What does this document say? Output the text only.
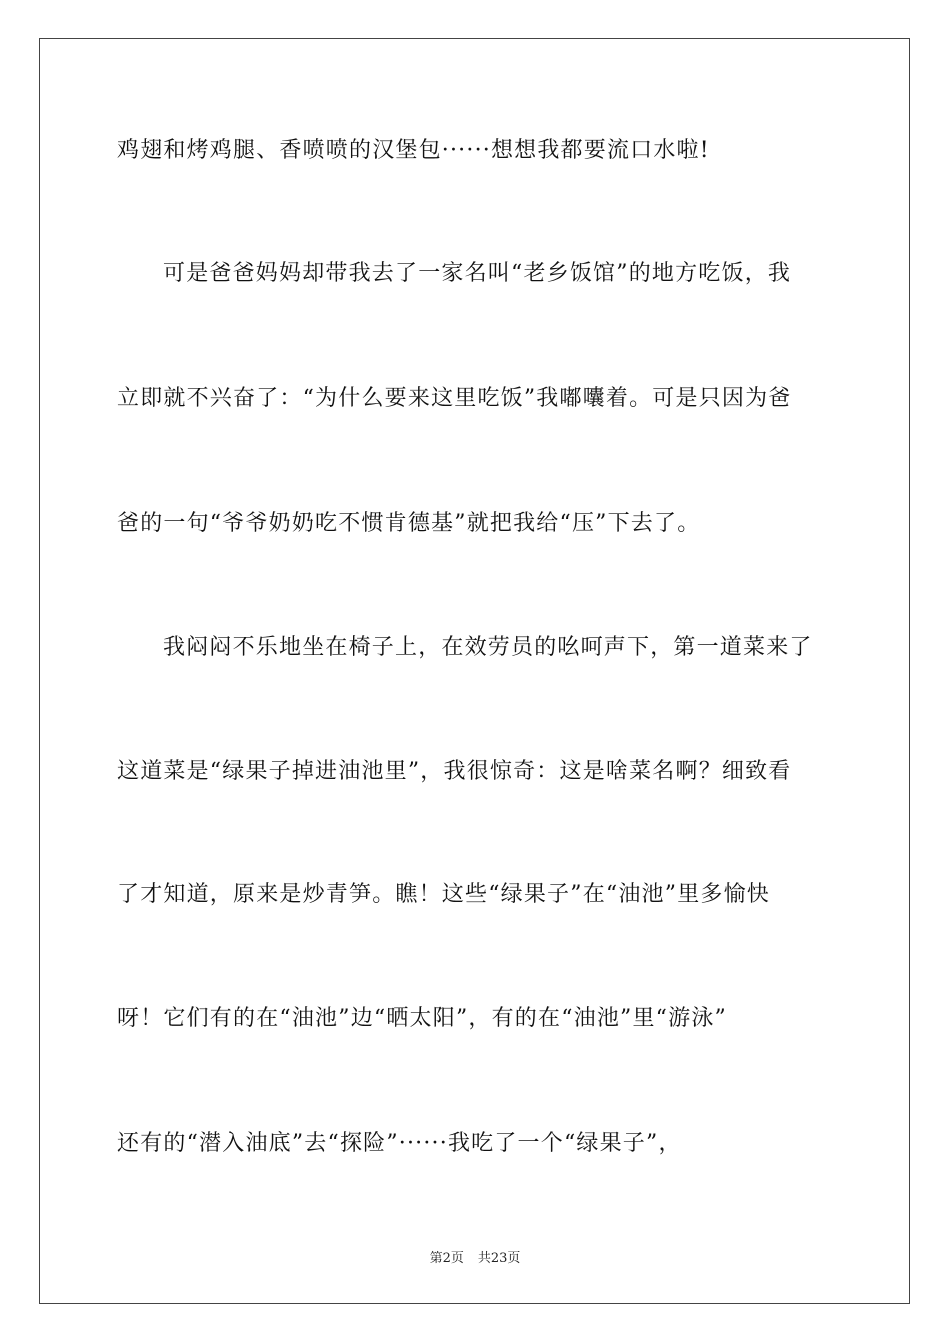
鸡翅和烤鸡腿、香喷喷的汉堡包······想想我都要流口水啦!
可是爸爸妈妈却带我去了一家名叫“老乡饭馆”的地方吃饭，我
立即就不兴奋了：“为什么要来这里吃饭”我嘟囔着。可是只因为爸
爸的一句“爷爷奶奶吃不惯肯德基”就把我给“压”下去了。
我闷闷不乐地坐在椅子上，在效劳员的吆呵声下，第一道菜来了
这道菜是“绿果子掉进油池里”，我很惊奇：这是啥菜名啊？细致看
了才知道，原来是炒青笋。瞧！这些“绿果子”在“油池”里多愉快
呀！它们有的在“油池”边“晒太阳”，有的在“油池”里“游泳”
还有的“潜入油底”去“探险”······我吃了一个“绿果子”，
第2页 共23页
